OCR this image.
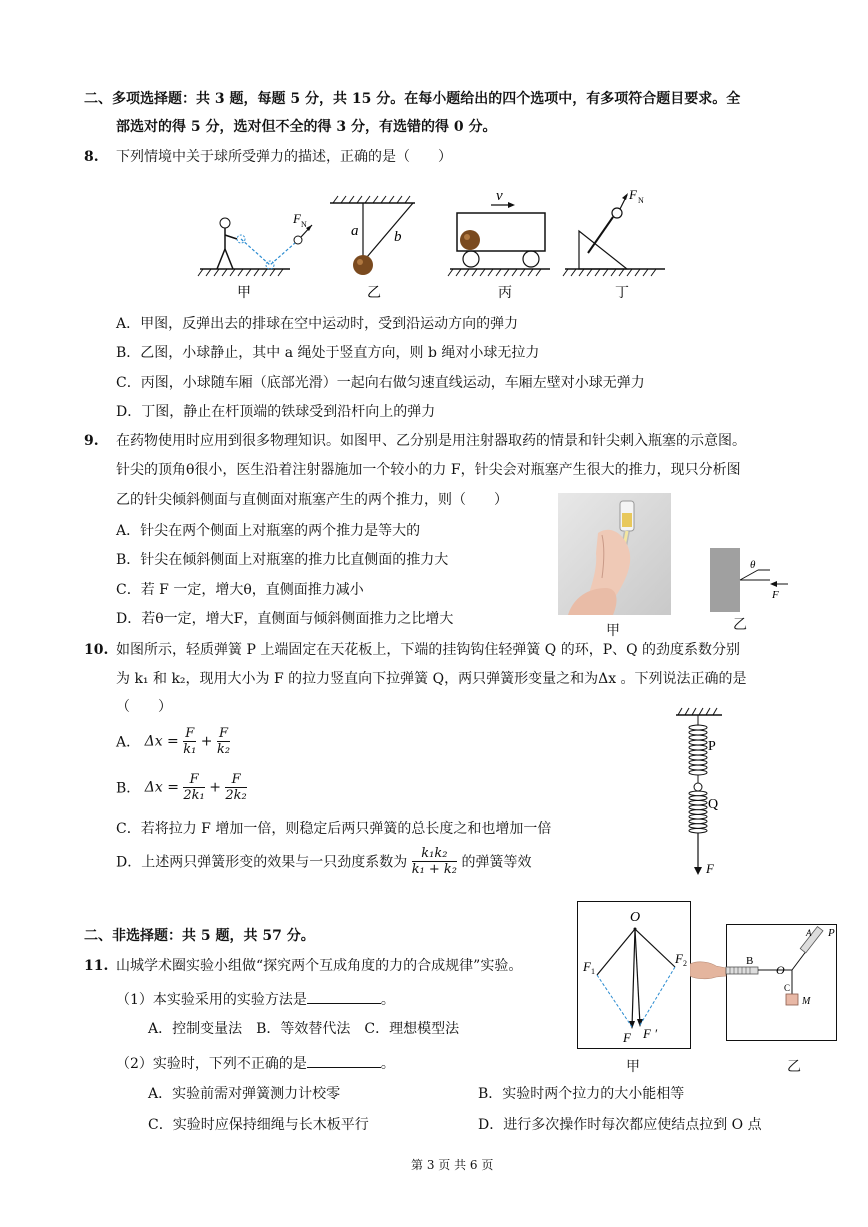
二、多项选择题：共 3 题，每题 5 分，共 15 分。在每小题给出的四个选项中，有多项符合题目要求。全
部选对的得 5 分，选对但不全的得 3 分，有选错的得 0 分。
8. 下列情境中关于球所受弹力的描述，正确的是（　　）
F N	a b
v	F N
甲	乙	丙	丁
A．甲图，反弹出去的排球在空中运动时，受到沿运动方向的弹力
B．乙图，小球静止，其中 a 绳处于竖直方向，则 b 绳对小球无拉力
C．丙图，小球随车厢（底部光滑）一起向右做匀速直线运动，车厢左壁对小球无弹力
D．丁图，静止在杆顶端的铁球受到沿杆向上的弹力
9. 在药物使用时应用到很多物理知识。如图甲、乙分别是用注射器取药的情景和针尖刺入瓶塞的示意图。
针尖的顶角θ很小，医生沿着注射器施加一个较小的力 F，针尖会对瓶塞产生很大的推力，现只分析图
乙的针尖倾斜侧面与直侧面对瓶塞产生的两个推力，则（　　）
A．针尖在两个侧面上对瓶塞的两个推力是等大的
B．针尖在倾斜侧面上对瓶塞的推力比直侧面的推力大
C．若 F 一定，增大θ，直侧面推力减小
D．若θ一定，增大F，直侧面与倾斜侧面推力之比增大
甲
θ
F
乙
10. 如图所示，轻质弹簧 P 上端固定在天花板上，下端的挂钩钩住轻弹簧 Q 的环，P、Q 的劲度系数分别
为 k₁ 和 k₂，现用大小为 F 的拉力竖直向下拉弹簧 Q，两只弹簧形变量之和为Δx 。下列说法正确的是
（　　）
A． $\Delta x = \frac{F}{\text{k₁}} + \frac{F}{\text{k₂}}$
B． $\Delta x = \frac{F}{\text{2k₁}} + \frac{F}{\text{2k₂}}$
C．若将拉力 F 增加一倍，则稳定后两只弹簧的总长度之和也增加一倍
D．上述两只弹簧形变的效果与一只劲度系数为 $\frac{\text{k₁k₂}}{\text{k₁ + k₂}}$ 的弹簧等效
P
Q
F
二、非选择题：共 5 题，共 57 分。
11. 山城学术圈实验小组做“探究两个互成角度的力的合成规律”实验。
（1）本实验采用的实验方法是	。
A．控制变量法　B．等效替代法　C．理想模型法
（2）实验时，下列不正确的是	。
A．实验前需对弹簧测力计校零	B．实验时两个拉力的大小能相等
C．实验时应保持细绳与长木板平行	D．进行多次操作时每次都应使结点拉到 O 点
O
F 1
F 2
F F ′
甲
B
O
A P
C
M
乙
第 3 页 共 6 页
